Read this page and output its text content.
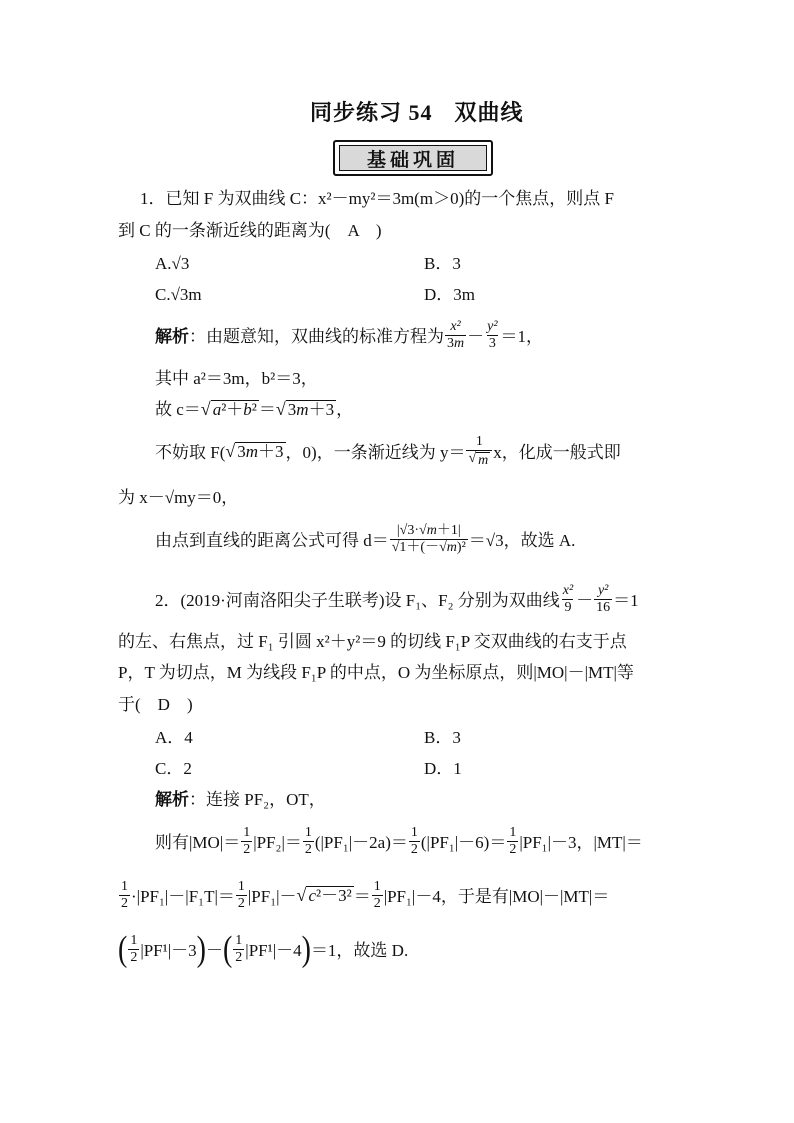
同步练习 54 双曲线
基础巩固
1．已知 F 为双曲线 C：x²－my²＝3m(m＞0)的一个焦点，则点 F
到 C 的一条渐近线的距离为(　A　)
A.√3	B．3
C.√3m	D．3m
解析 ：由题意知，双曲线的标准方程为 $\frac{\text{x²}}{3m} - \frac{\text{y²}}{3} =1$，
其中 a²＝3m，b²＝3，
故 c＝ √ a²＋b² ＝ √ 3m＋3 ，
不妨取 F( √ 3m＋3 ，0)，一条渐近线为 $y= \frac{1}{√ m}$ x，化成一般式即
为 x－√my＝0，
由点到直线的距离公式可得 $d= \frac{|√3\cdot√m+1|}{\text{√1＋(－√m)²}} =√3$，故选 A.
2．(2019·河南洛阳尖子生联考)设 F₁、F₂ 分别为双曲线 $\frac{\text{x²}}{9} - \frac{\text{y²}}{16} =1$
的左、右焦点，过 F₁ 引圆 x²＋y²＝9 的切线 F₁P 交双曲线的右支于点
P，T 为切点，M 为线段 F₁P 的中点，O 为坐标原点，则|MO|－|MT|等
于(　D　)
A．4	B．3
C．2	D．1
解析 ：连接 PF₂，OT，
则有$|MO|= \frac{1}{2} |PF_2|= \frac{1}{2} (|PF_1|-2a)= \frac{1}{2} (|PF_1|-6)= \frac{1}{2} |PF_1|-3$，|MT|＝
$\frac{1}{2} \cdot|PF_1|-|F_1T|= \frac{1}{2} |PF_1|-$ √ $c^2-3^2 = \frac{1}{2} |PF_1|-4$，于是有|MO|－|MT|＝
( $\frac{1}{2} |PF^1|-3$ ) － ( $\frac{1}{2} |PF^1|-4$ ) ＝1，故选 D.
